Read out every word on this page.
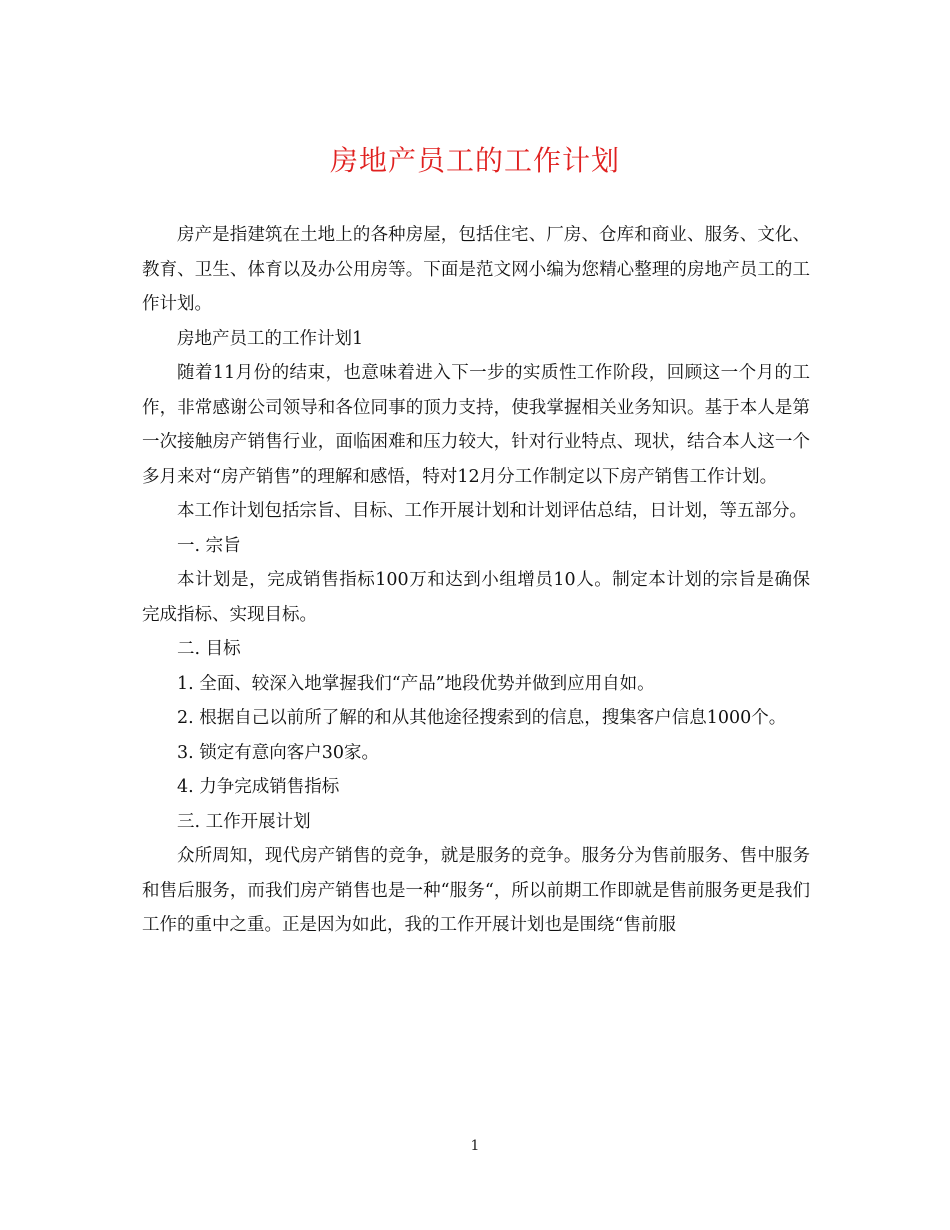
房地产员工的工作计划

房产是指建筑在土地上的各种房屋，包括住宅、厂房、仓库和商业、服务、文化、教育、卫生、体育以及办公用房等。下面是范文网小编为您精心整理的房地产员工的工作计划。

房地产员工的工作计划1

随着11月份的结束，也意味着进入下一步的实质性工作阶段，回顾这一个月的工作，非常感谢公司领导和各位同事的顶力支持，使我掌握相关业务知识。基于本人是第一次接触房产销售行业，面临困难和压力较大，针对行业特点、现状，结合本人这一个多月来对“房产销售”的理解和感悟，特对12月分工作制定以下房产销售工作计划。

本工作计划包括宗旨、目标、工作开展计划和计划评估总结，日计划，等五部分。

一. 宗旨

本计划是，完成销售指标100万和达到小组增员10人。制定本计划的宗旨是确保完成指标、实现目标。

二. 目标

1. 全面、较深入地掌握我们“产品”地段优势并做到应用自如。

2. 根据自己以前所了解的和从其他途径搜索到的信息，搜集客户信息1000个。

3. 锁定有意向客户30家。

4. 力争完成销售指标

三. 工作开展计划

众所周知，现代房产销售的竞争，就是服务的竞争。服务分为售前服务、售中服务和售后服务，而我们房产销售也是一种“服务“，所以前期工作即就是售前服务更是我们工作的重中之重。正是因为如此，我的工作开展计划也是围绕“售前服

1
